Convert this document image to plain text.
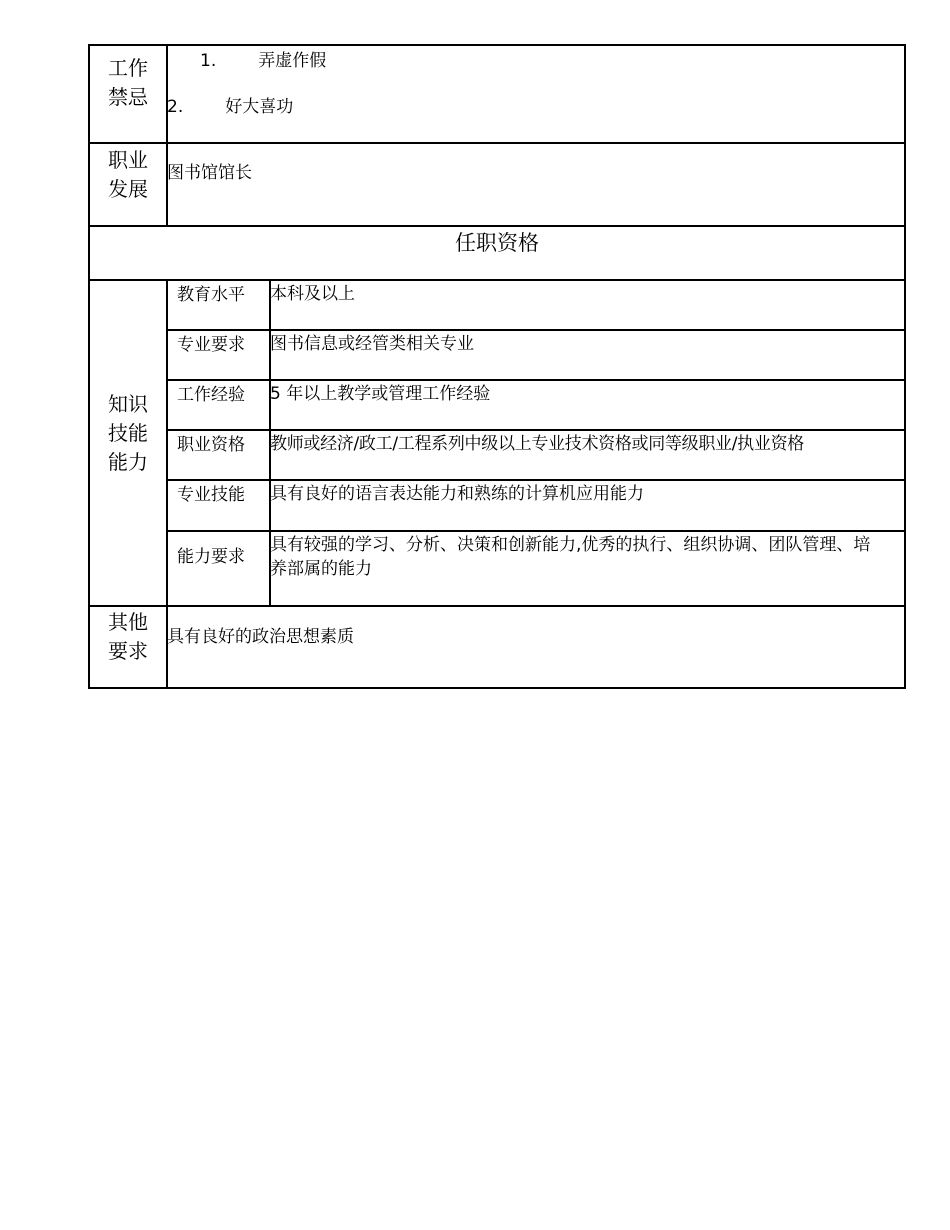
工作
禁忌
1. 弄虚作假
2. 好大喜功
职业
发展
图书馆馆长
任职资格
知识
技能
能力
教育水平 本科及以上
专业要求 图书信息或经管类相关专业
工作经验 5 年以上教学或管理工作经验
职业资格 教师或经济/政工/工程系列中级以上专业技术资格或同等级职业/执业资格
专业技能 具有良好的语言表达能力和熟练的计算机应用能力
能力要求
具有较强的学习、分析、决策和创新能力,优秀的执行、组织协调、团队管理、培养部属的能力
其他
要求
具有良好的政治思想素质
